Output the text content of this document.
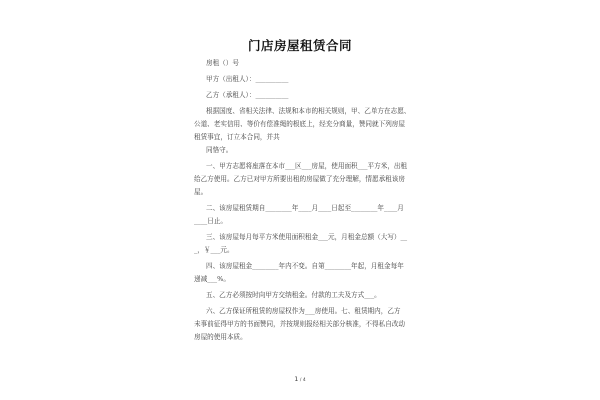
门店房屋租赁合同
房租（）号
甲方（出租人）：__________
乙方（承租人）：__________
根据国度、省相关法律、法规和本市的相关规则，甲、乙单方在志愿、
公道、老实信用、等价有偿准绳的根底上，经充分商量，赞同就下列房屋
租赁事宜，订立本合同，并共
同恪守。
一、甲方志愿将座落在本市___区___房屋，使用面积___平方米，出租
给乙方使用。乙方已对甲方所要出租的房屋做了充分理解，情愿承租该房
屋。
二、该房屋租赁期自________年____月____日起至________年____月
____日止。
三、该房屋每月每平方米使用面积租金___元，月租金总额（大写）__
_，￥___元。
四、该房屋租金________年内不变。自第________年起，月租金每年
递减___%。
五、乙方必须按时向甲方交纳租金。付款的工夫及方式___。
六、乙方保证所租赁的房屋权作为___房使用。七、租赁期内，乙方
未事前征得甲方的书面赞同，并按规则报经相关部分核准，不得私自改动
房屋的使用本质。
1 / 4
